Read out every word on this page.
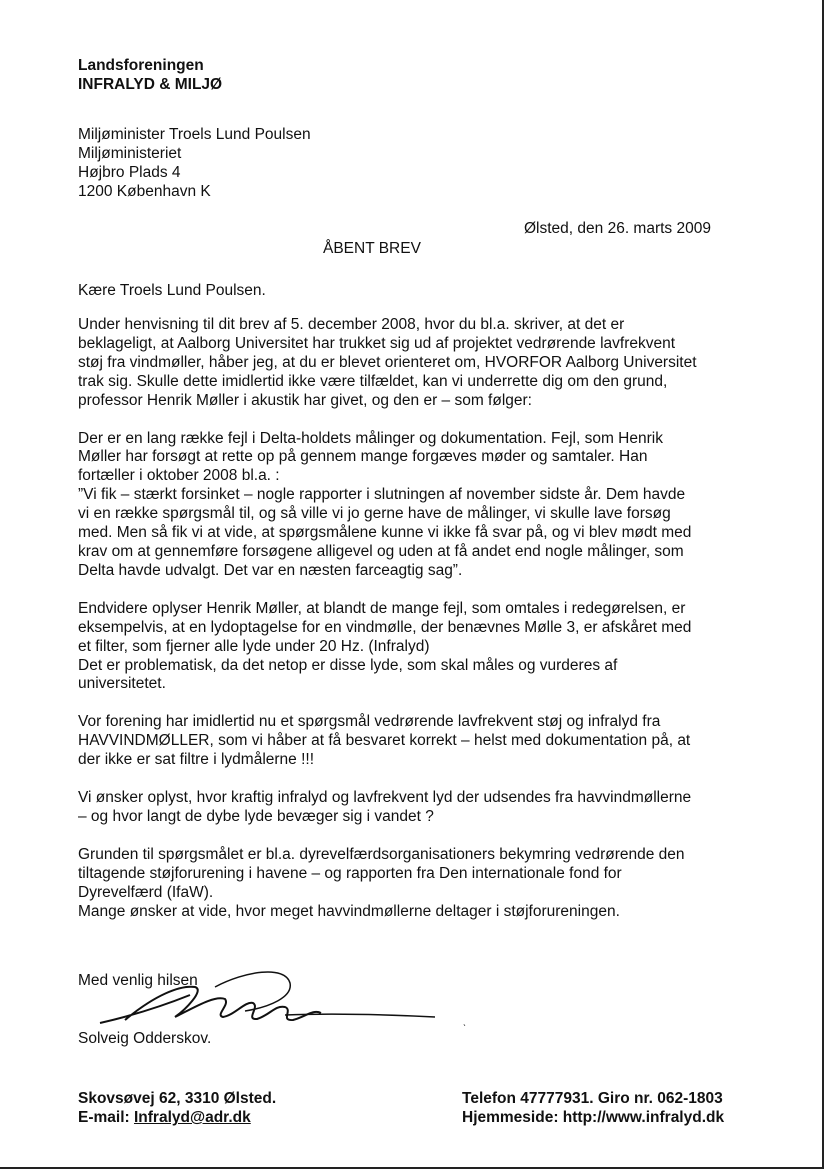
Landsforeningen
INFRALYD & MILJØ
Miljøminister Troels Lund Poulsen
Miljøministeriet
Højbro Plads 4
1200 København K
Ølsted, den 26. marts 2009
ÅBENT BREV
Kære Troels Lund Poulsen.
Under henvisning til dit brev af 5. december 2008, hvor du bl.a. skriver, at det er
beklageligt, at Aalborg Universitet har trukket sig ud af projektet vedrørende lavfrekvent
støj fra vindmøller, håber jeg, at du er blevet orienteret om, HVORFOR Aalborg Universitet
trak sig. Skulle dette imidlertid ikke være tilfældet, kan vi underrette dig om den grund,
professor Henrik Møller i akustik har givet, og den er – som følger:
Der er en lang række fejl i Delta-holdets målinger og dokumentation. Fejl, som Henrik
Møller har forsøgt at rette op på gennem mange forgæves møder og samtaler. Han
fortæller i oktober 2008 bl.a. :
”Vi fik – stærkt forsinket – nogle rapporter i slutningen af november sidste år. Dem havde
vi en række spørgsmål til, og så ville vi jo gerne have de målinger, vi skulle lave forsøg
med. Men så fik vi at vide, at spørgsmålene kunne vi ikke få svar på, og vi blev mødt med
krav om at gennemføre forsøgene alligevel og uden at få andet end nogle målinger, som
Delta havde udvalgt. Det var en næsten farceagtig sag”.
Endvidere oplyser Henrik Møller, at blandt de mange fejl, som omtales i redegørelsen, er
eksempelvis, at en lydoptagelse for en vindmølle, der benævnes Mølle 3, er afskåret med
et filter, som fjerner alle lyde under 20 Hz. (Infralyd)
Det er problematisk, da det netop er disse lyde, som skal måles og vurderes af
universitetet.
Vor forening har imidlertid nu et spørgsmål vedrørende lavfrekvent støj og infralyd fra
HAVVINDMØLLER, som vi håber at få besvaret korrekt – helst med dokumentation på, at
der ikke er sat filtre i lydmålerne !!!
Vi ønsker oplyst, hvor kraftig infralyd og lavfrekvent lyd der udsendes fra havvindmøllerne
– og hvor langt de dybe lyde bevæger sig i vandet ?
Grunden til spørgsmålet er bl.a. dyrevelfærdsorganisationers bekymring vedrørende den
tiltagende støjforurening i havene – og rapporten fra Den internationale fond for
Dyrevelfærd (IfaW).
Mange ønsker at vide, hvor meget havvindmøllerne deltager i støjforureningen.
Med venlig hilsen
ˎ
Solveig Odderskov.
Skovsøvej 62, 3310 Ølsted.
E-mail: Infralyd@adr.dk
Telefon 47777931. Giro nr. 062-1803
Hjemmeside: http://www.infralyd.dk
